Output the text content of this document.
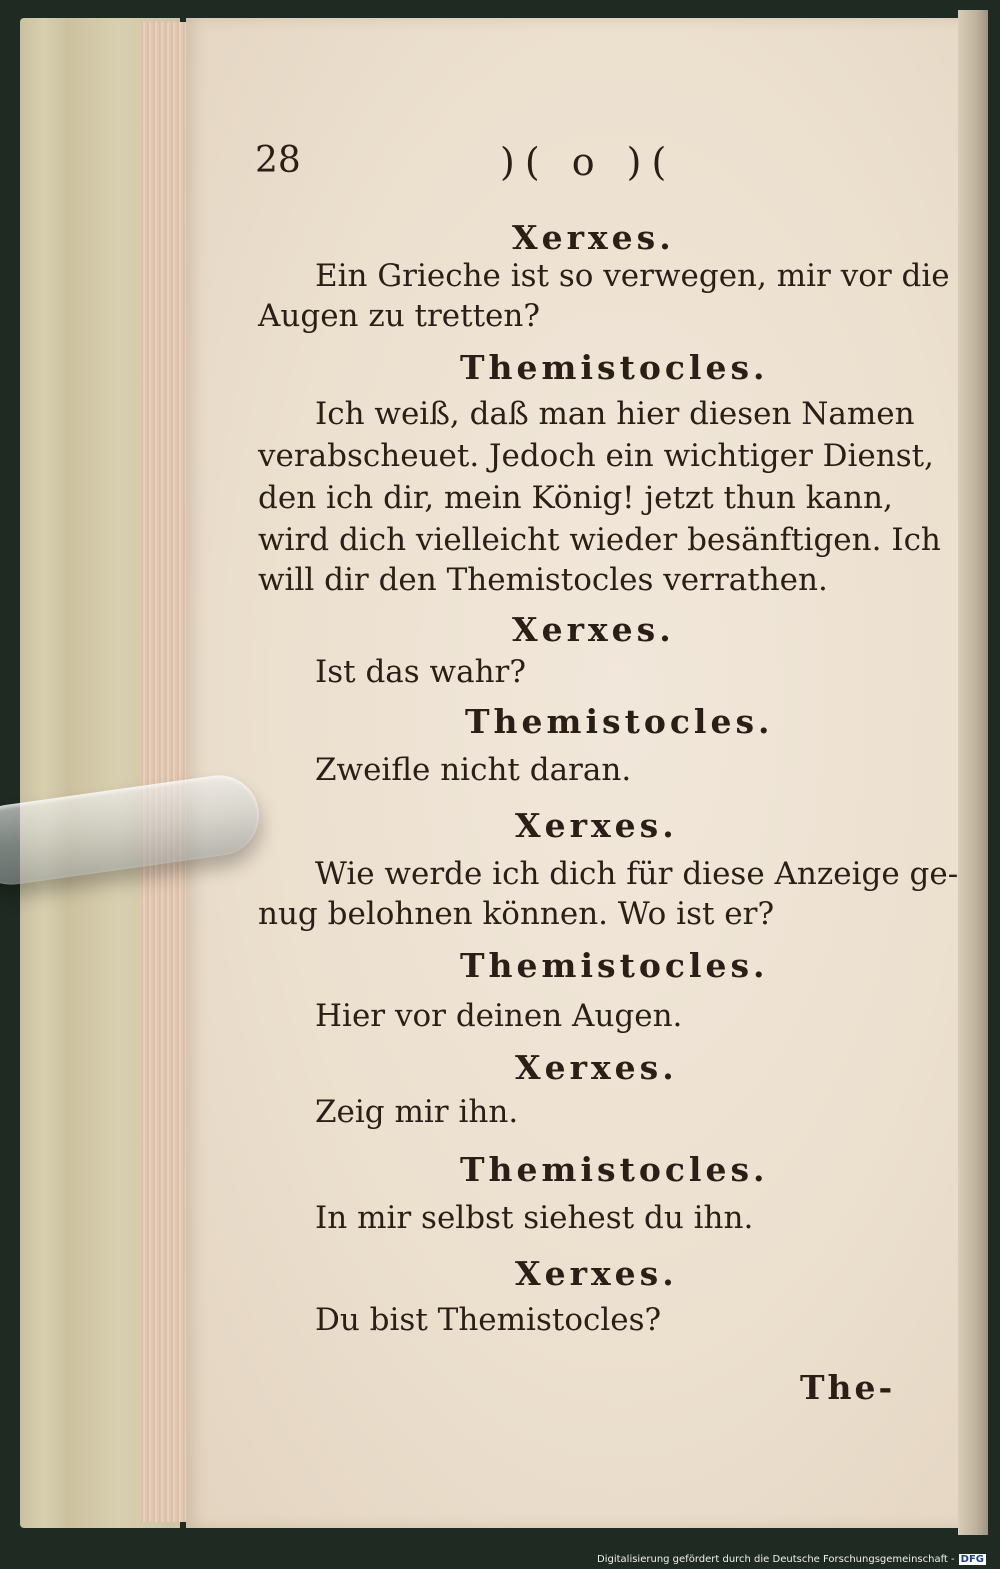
28	)( o )(
Xerxes.
Ein Grieche ist so verwegen, mir vor die
Augen zu tretten?
Themistocles.
Ich weiß, daß man hier diesen Namen
verabscheuet. Jedoch ein wichtiger Dienst,
den ich dir, mein König! jetzt thun kann,
wird dich vielleicht wieder besänftigen. Ich
will dir den Themistocles verrathen.
Xerxes.
Ist das wahr?
Themistocles.
Zweifle nicht daran.
Xerxes.
Wie werde ich dich für diese Anzeige ge-
nug belohnen können. Wo ist er?
Themistocles.
Hier vor deinen Augen.
Xerxes.
Zeig mir ihn.
Themistocles.
In mir selbst siehest du ihn.
Xerxes.
Du bist Themistocles?
The-
Digitalisierung gefördert durch die Deutsche Forschungsgemeinschaft - DFG
